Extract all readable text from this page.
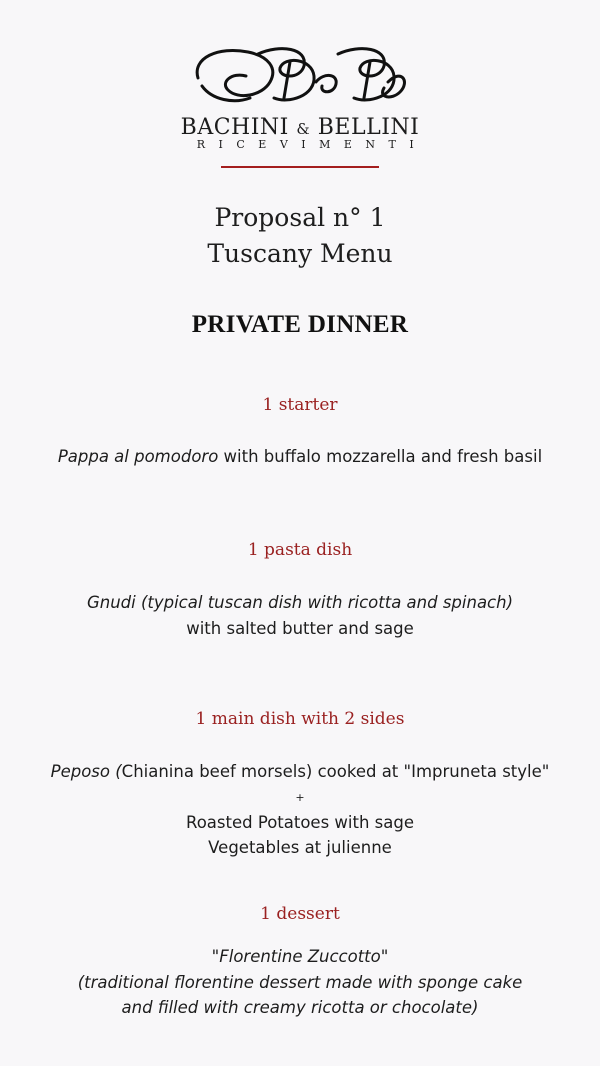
BACHINI & BELLINI
RICEVIMENTI
Proposal n° 1
Tuscany Menu
PRIVATE DINNER
1 starter
Pappa al pomodoro with buffalo mozzarella and fresh basil
1 pasta dish
Gnudi (typical tuscan dish with ricotta and spinach)
with salted butter and sage
1 main dish with 2 sides
Peposo (Chianina beef morsels) cooked at "Impruneta style"
+
Roasted Potatoes with sage
Vegetables at julienne
1 dessert
"Florentine Zuccotto"
(traditional florentine dessert made with sponge cake
and filled with creamy ricotta or chocolate)
